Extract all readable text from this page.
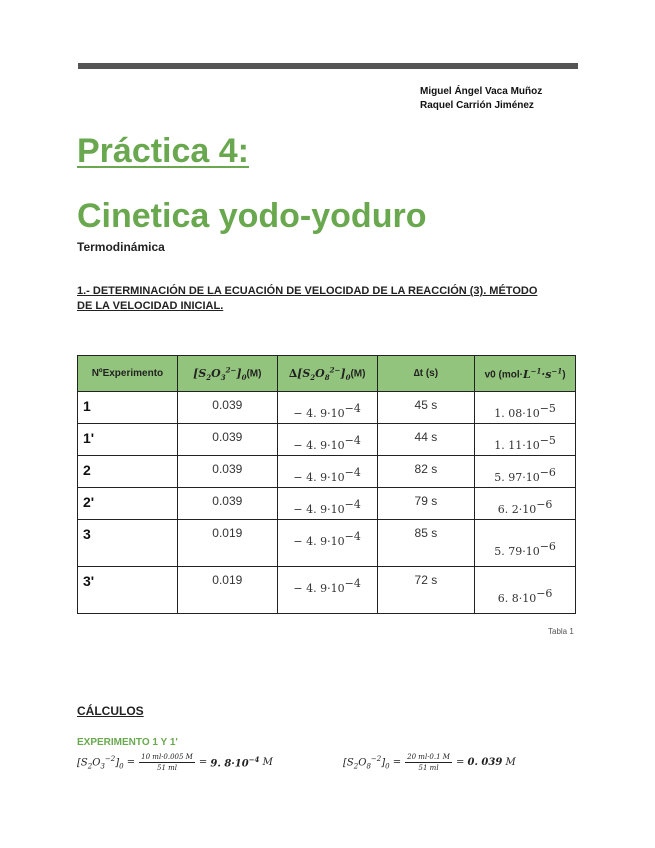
Miguel Ángel Vaca Muñoz
Raquel Carrión Jiménez
Práctica 4:
Cinetica yodo-yoduro
Termodinámica
1.- DETERMINACIÓN DE LA ECUACIÓN DE VELOCIDAD DE LA REACCIÓN (3). MÉTODO DE LA VELOCIDAD INICIAL.
NºExperimento	$[S_2O_3^{2-}]_0(M)$	$\Delta[S_2O_8^{2-}]_0(M)$	∆t (s)	v0 $(mol\cdot L^{-1}\cdot s^{-1})$
1	0.039	− 4. $9\cdot 10^{-4}$	45 s	1. $08\cdot 10^{-5}$
1'	0.039	− 4. $9\cdot 10^{-4}$	44 s	1. $11\cdot 10^{-5}$
2	0.039	− 4. $9\cdot 10^{-4}$	82 s	5. $97\cdot 10^{-6}$
2'	0.039	− 4. $9\cdot 10^{-4}$	79 s	6. $2\cdot 10^{-6}$
3	0.019	− 4. $9\cdot 10^{-4}$	85 s	5. $79\cdot 10^{-6}$
3'	0.019	− 4. $9\cdot 10^{-4}$	72 s	6. $8\cdot 10^{-6}$
Tabla 1
CÁLCULOS
EXPERIMENTO 1 Y 1'
$[S_2O_3^{-2}]_0 = \frac{10 ml\cdot 0.005 M}{51 ml} = 9$. $8\cdot 10^{-4}$
M	$[S_2O_8^{-2}]_0 = \frac{20 ml\cdot 0.1 M}{51 ml} = 0$. 039
M
